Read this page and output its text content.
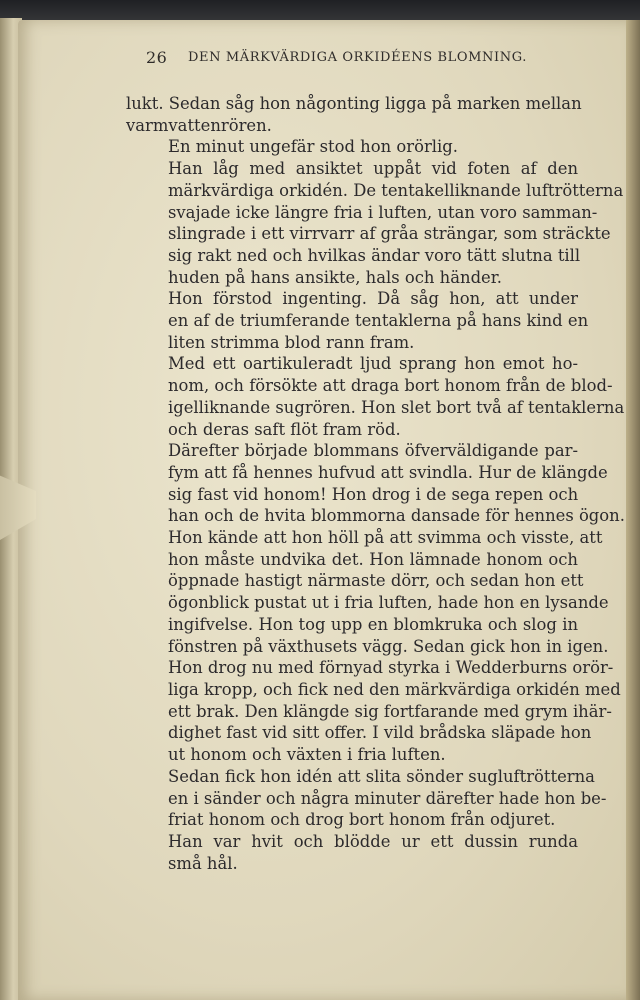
26 DEN MÄRKVÄRDIGA ORKIDÉENS BLOMNING.
lukt. Sedan såg hon någonting ligga på marken mellan
varmvattenrören.
En minut ungefär stod hon orörlig.
Han låg med ansiktet uppåt vid foten af den
märkvärdiga orkidén. De tentakelliknande luftrötterna
svajade icke längre fria i luften, utan voro samman-
slingrade i ett virrvarr af gråa strängar, som sträckte
sig rakt ned och hvilkas ändar voro tätt slutna till
huden på hans ansikte, hals och händer.
Hon förstod ingenting. Då såg hon, att under
en af de triumferande tentaklerna på hans kind en
liten strimma blod rann fram.
Med ett oartikuleradt ljud sprang hon emot ho-
nom, och försökte att draga bort honom från de blod-
igelliknande sugrören. Hon slet bort två af tentaklerna
och deras saft flöt fram röd.
Därefter började blommans öfverväldigande par-
fym att få hennes hufvud att svindla. Hur de klängde
sig fast vid honom! Hon drog i de sega repen och
han och de hvita blommorna dansade för hennes ögon.
Hon kände att hon höll på att svimma och visste, att
hon måste undvika det. Hon lämnade honom och
öppnade hastigt närmaste dörr, och sedan hon ett
ögonblick pustat ut i fria luften, hade hon en lysande
ingifvelse. Hon tog upp en blomkruka och slog in
fönstren på växthusets vägg. Sedan gick hon in igen.
Hon drog nu med förnyad styrka i Wedderburns orör-
liga kropp, och fick ned den märkvärdiga orkidén med
ett brak. Den klängde sig fortfarande med grym ihär-
dighet fast vid sitt offer. I vild brådska släpade hon
ut honom och växten i fria luften.
Sedan fick hon idén att slita sönder sugluftrötterna
en i sänder och några minuter därefter hade hon be-
friat honom och drog bort honom från odjuret.
Han var hvit och blödde ur ett dussin runda
små hål.
